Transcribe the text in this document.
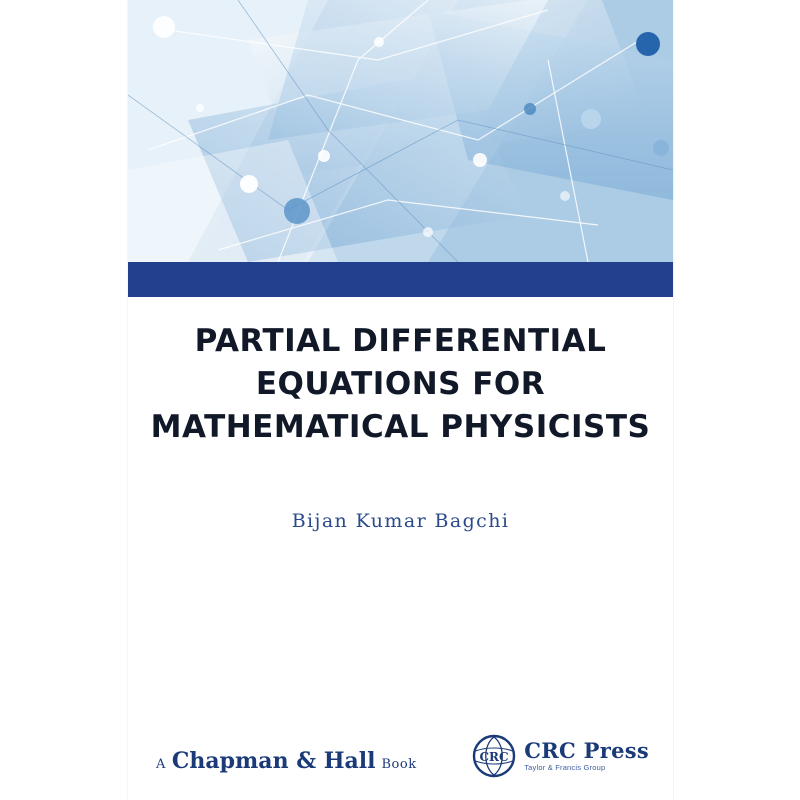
PARTIAL DIFFERENTIAL
EQUATIONS FOR
MATHEMATICAL PHYSICISTS
Bijan Kumar Bagchi
A Chapman & Hall Book	CRC CRC Press
Taylor & Francis Group
